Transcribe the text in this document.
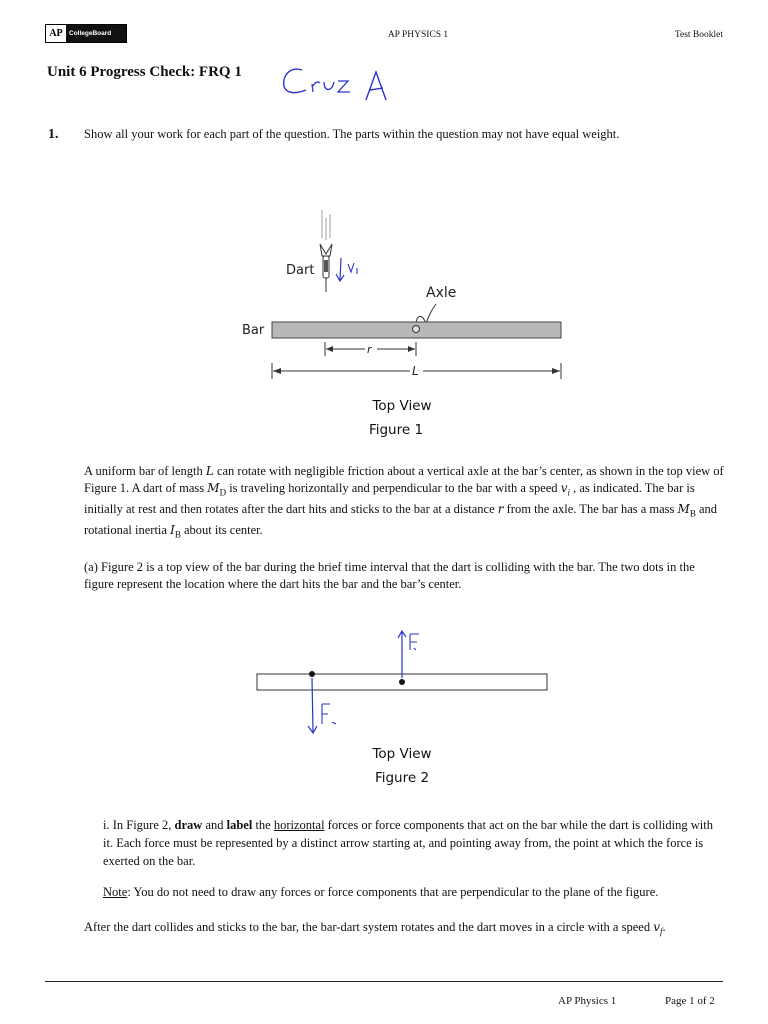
AP CollegeBoard	AP PHYSICS 1	Test Booklet
Unit 6 Progress Check: FRQ 1
1. Show all your work for each part of the question. The parts within the question may not have equal weight.
Dart
Axle
Bar
r
L
Top View
Figure 1
A uniform bar of length L can rotate with negligible friction about a vertical axle at the bar’s center, as shown in the top view of Figure 1. A dart of mass $M_D$ is traveling horizontally and perpendicular to the bar with a speed $v_i$ , as indicated. The bar is initially at rest and then rotates after the dart hits and sticks to the bar at a distance r from the axle. The bar has a mass $M_B$ and rotational inertia $I_B$ about its center.
(a) Figure 2 is a top view of the bar during the brief time interval that the dart is colliding with the bar. The two dots in the figure represent the location where the dart hits the bar and the bar’s center.
Top View
Figure 2
i. In Figure 2, draw and label the horizontal forces or force components that act on the bar while the dart is colliding with it. Each force must be represented by a distinct arrow starting at, and pointing away from, the point at which the force is exerted on the bar.
Note: You do not need to draw any forces or force components that are perpendicular to the plane of the figure.
After the dart collides and sticks to the bar, the bar-dart system rotates and the dart moves in a circle with a speed $v_f$.
AP Physics 1	Page 1 of 2
